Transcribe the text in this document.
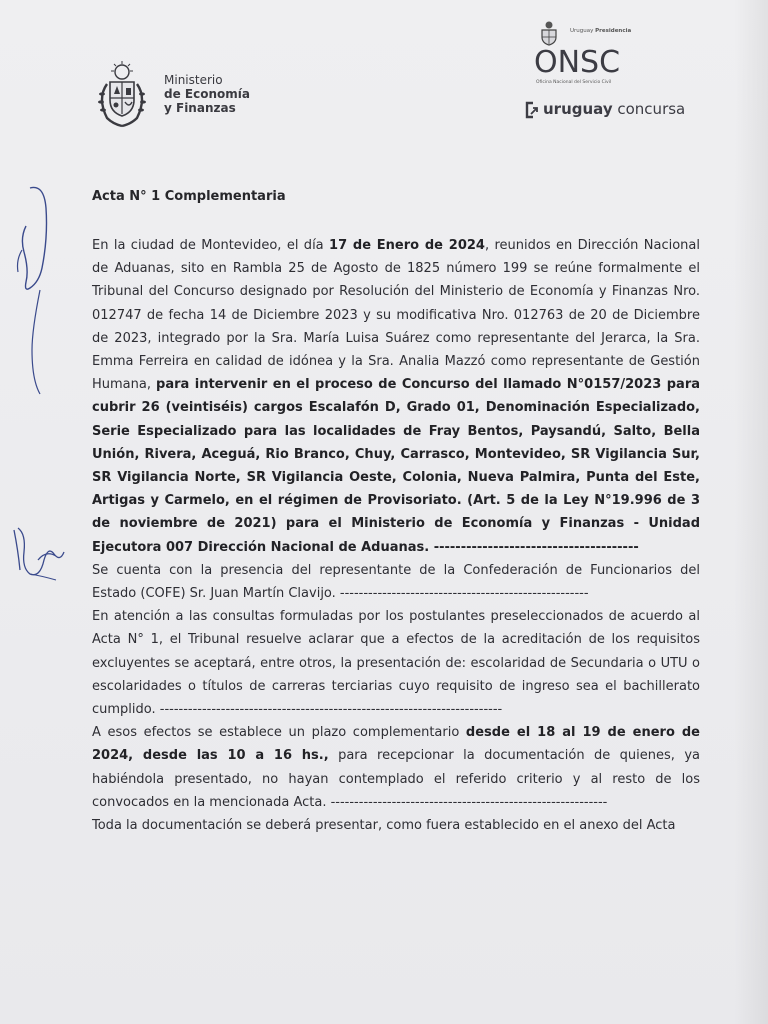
Ministerio
de Economía
y Finanzas
Uruguay Presidencia
ONSC
Oficina Nacional del Servicio Civil
uruguay concursa
Acta N° 1 Complementaria

En la ciudad de Montevideo, el día 17 de Enero de 2024, reunidos en Dirección Nacional de Aduanas, sito en Rambla 25 de Agosto de 1825 número 199 se reúne formalmente el Tribunal del Concurso designado por Resolución del Ministerio de Economía y Finanzas Nro. 012747 de fecha 14 de Diciembre 2023 y su modificativa Nro. 012763 de 20 de Diciembre de 2023, integrado por la Sra. María Luisa Suárez como representante del Jerarca, la Sra. Emma Ferreira en calidad de idónea y la Sra. Analia Mazzó como representante de Gestión Humana, para intervenir en el proceso de Concurso del llamado N°0157/2023 para cubrir 26 (veintiséis) cargos Escalafón D, Grado 01, Denominación Especializado, Serie Especializado para las localidades de Fray Bentos, Paysandú, Salto, Bella Unión, Rivera, Aceguá, Rio Branco, Chuy, Carrasco, Montevideo, SR Vigilancia Sur, SR Vigilancia Norte, SR Vigilancia Oeste, Colonia, Nueva Palmira, Punta del Este, Artigas y Carmelo, en el régimen de Provisoriato. (Art. 5 de la Ley N°19.996 de 3 de noviembre de 2021) para el Ministerio de Economía y Finanzas - Unidad Ejecutora 007 Dirección Nacional de Aduanas. --------------------------------------

Se cuenta con la presencia del representante de la Confederación de Funcionarios del Estado (COFE) Sr. Juan Martín Clavijo. -----------------------------------------------------

En atención a las consultas formuladas por los postulantes preseleccionados de acuerdo al Acta N° 1, el Tribunal resuelve aclarar que a efectos de la acreditación de los requisitos excluyentes se aceptará, entre otros, la presentación de: escolaridad de Secundaria o UTU o escolaridades o títulos de carreras terciarias cuyo requisito de ingreso sea el bachillerato cumplido. -------------------------------------------------------------------------

A esos efectos se establece un plazo complementario desde el 18 al 19 de enero de 2024, desde las 10 a 16 hs., para recepcionar la documentación de quienes, ya habiéndola presentado, no hayan contemplado el referido criterio y al resto de los convocados en la mencionada Acta. -----------------------------------------------------------

Toda la documentación se deberá presentar, como fuera establecido en el anexo del Acta
